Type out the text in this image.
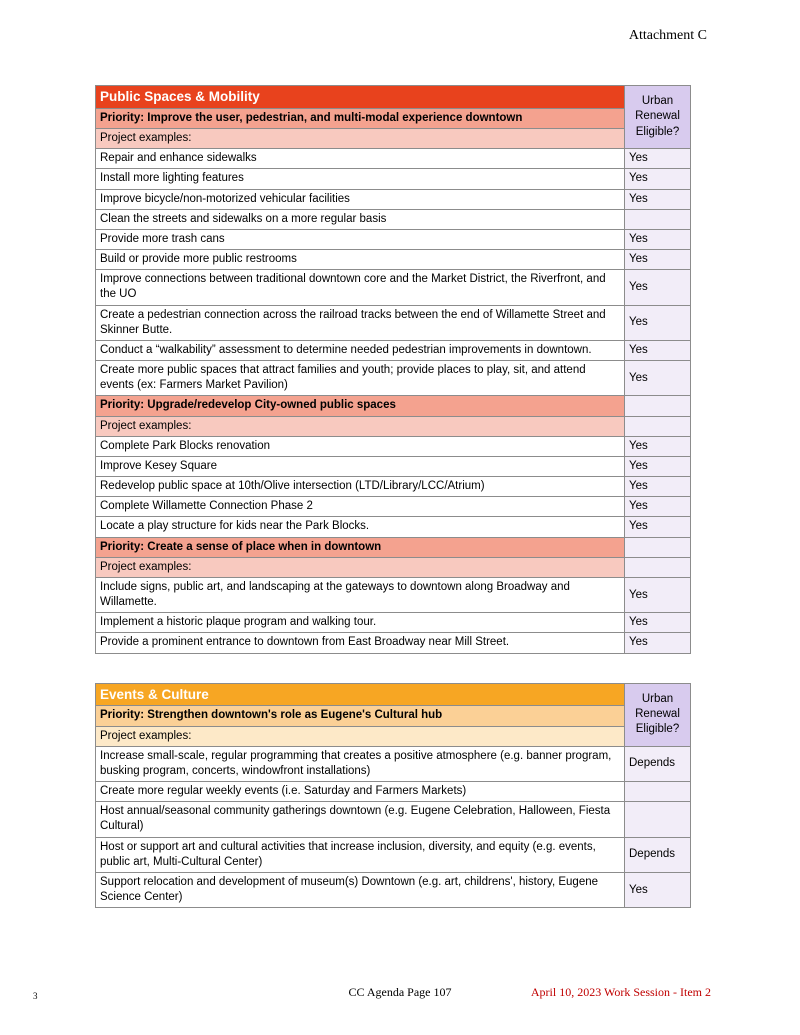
Attachment C
Public Spaces & Mobility	Urban Renewal Eligible?
Priority: Improve the user, pedestrian, and multi-modal experience downtown	
Project examples:	
Repair and enhance sidewalks	Yes
Install more lighting features	Yes
Improve bicycle/non-motorized vehicular facilities	Yes
Clean the streets and sidewalks on a more regular basis	
Provide more trash cans	Yes
Build or provide more public restrooms	Yes
Improve connections between traditional downtown core and the Market District, the Riverfront, and the UO	Yes
Create a pedestrian connection across the railroad tracks between the end of Willamette Street and Skinner Butte.	Yes
Conduct a “walkability” assessment to determine needed pedestrian improvements in downtown.	Yes
Create more public spaces that attract families and youth; provide places to play, sit, and attend events (ex: Farmers Market Pavilion)	Yes
Priority: Upgrade/redevelop City-owned public spaces	
Project examples:	
Complete Park Blocks renovation	Yes
Improve Kesey Square	Yes
Redevelop public space at 10th/Olive intersection (LTD/Library/LCC/Atrium)	Yes
Complete Willamette Connection Phase 2	Yes
Locate a play structure for kids near the Park Blocks.	Yes
Priority: Create a sense of place when in downtown	
Project examples:	
Include signs, public art, and landscaping at the gateways to downtown along Broadway and Willamette.	Yes
Implement a historic plaque program and walking tour.	Yes
Provide a prominent entrance to downtown from East Broadway near Mill Street.	Yes
Events & Culture	Urban Renewal Eligible?
Priority: Strengthen downtown's role as Eugene's Cultural hub	
Project examples:	
Increase small-scale, regular programming that creates a positive atmosphere (e.g. banner program, busking program, concerts, windowfront installations)	Depends
Create more regular weekly events (i.e. Saturday and Farmers Markets)	
Host annual/seasonal community gatherings downtown (e.g. Eugene Celebration, Halloween, Fiesta Cultural)	
Host or support art and cultural activities that increase inclusion, diversity, and equity (e.g. events, public art, Multi-Cultural Center)	Depends
Support relocation and development of museum(s) Downtown (e.g. art, childrens', history, Eugene Science Center)	Yes
3	CC Agenda Page 107	April 10, 2023 Work Session - Item 2
